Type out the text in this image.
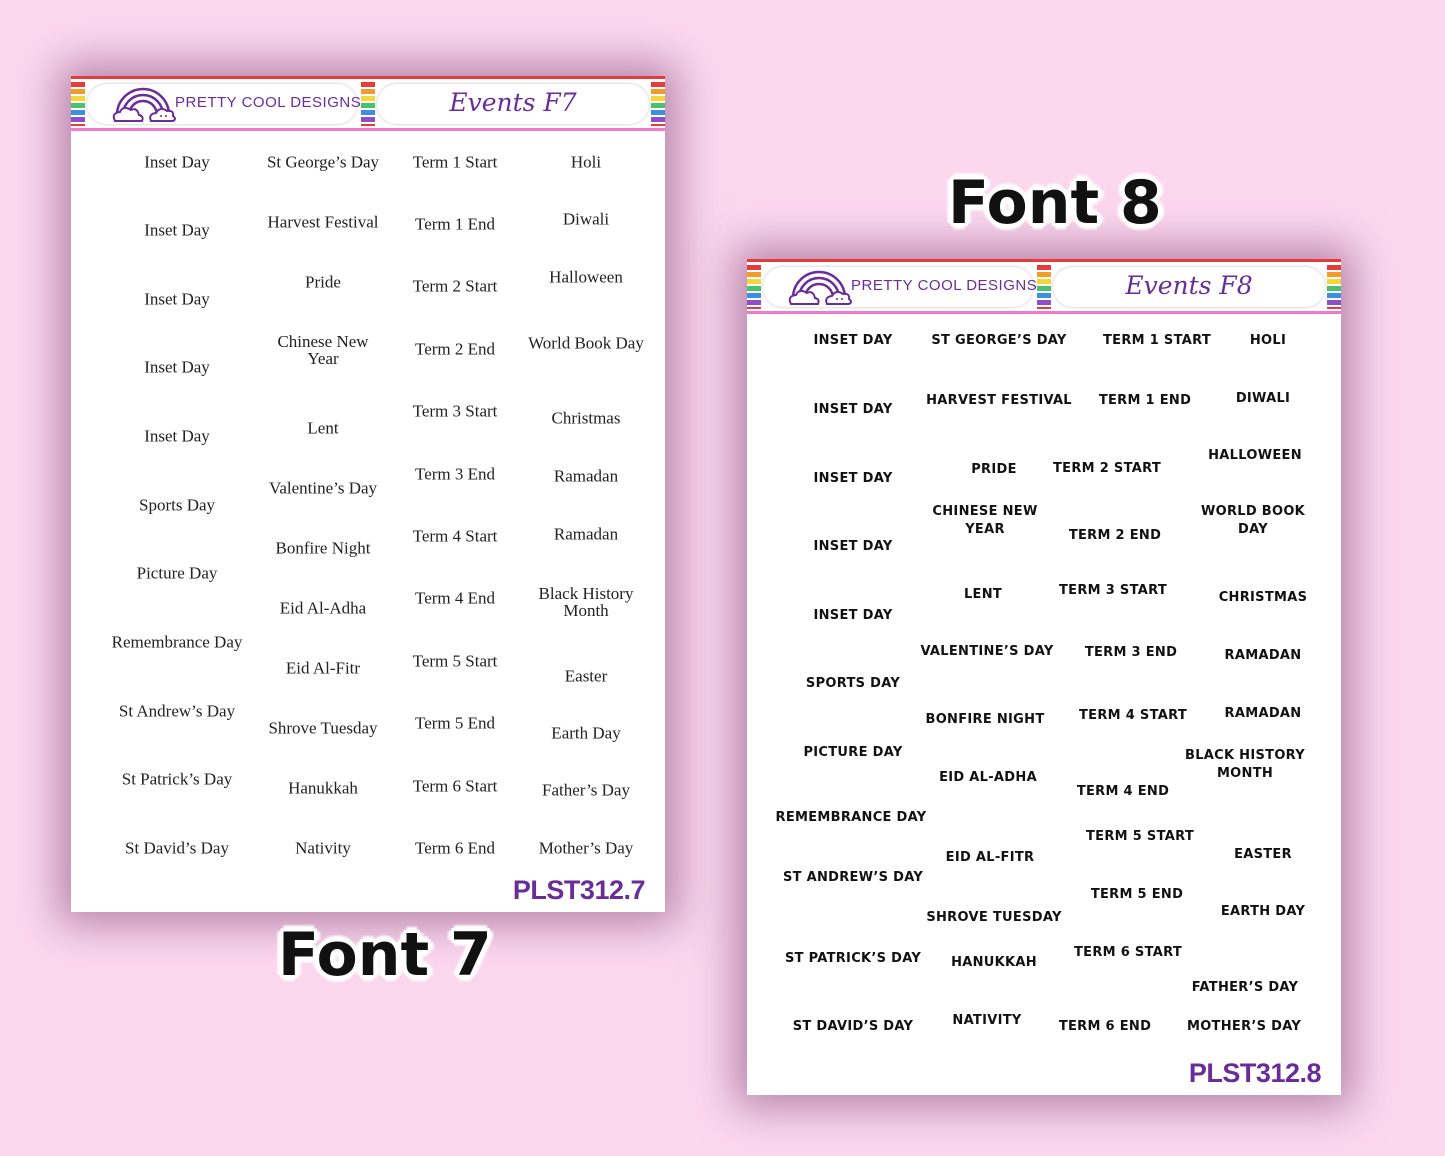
PRETTY COOL DESIGNS	Events F7
Inset Day
Inset Day
Inset Day
Inset Day
Inset Day
Sports Day
Picture Day
Remembrance Day
St Andrew’s Day
St Patrick’s Day
St David’s Day
St George’s Day
Harvest Festival
Pride
Chinese New Year
Lent
Valentine’s Day
Bonfire Night
Eid Al-Adha
Eid Al-Fitr
Shrove Tuesday
Hanukkah
Nativity
Term 1 Start
Term 1 End
Term 2 Start
Term 2 End
Term 3 Start
Term 3 End
Term 4 Start
Term 4 End
Term 5 Start
Term 5 End
Term 6 Start
Term 6 End
Holi
Diwali
Halloween
World Book Day
Christmas
Ramadan
Ramadan
Black History Month
Easter
Earth Day
Father’s Day
Mother’s Day
PLST312.7
PRETTY COOL DESIGNS	Events F8
INSET DAY
INSET DAY
INSET DAY
INSET DAY
INSET DAY
SPORTS DAY
PICTURE DAY
REMEMBRANCE DAY
ST ANDREW’S DAY
ST PATRICK’S DAY
ST DAVID’S DAY
ST GEORGE’S DAY
HARVEST FESTIVAL
PRIDE
CHINESE NEW YEAR
LENT
VALENTINE’S DAY
BONFIRE NIGHT
EID AL-ADHA
EID AL-FITR
SHROVE TUESDAY
HANUKKAH
NATIVITY
TERM 1 START
TERM 1 END
TERM 2 START
TERM 2 END
TERM 3 START
TERM 3 END
TERM 4 START
TERM 4 END
TERM 5 START
TERM 5 END
TERM 6 START
TERM 6 END
HOLI
DIWALI
HALLOWEEN
WORLD BOOK DAY
CHRISTMAS
RAMADAN
RAMADAN
BLACK HISTORY MONTH
EASTER
EARTH DAY
FATHER’S DAY
MOTHER’S DAY
PLST312.8
Font 7
Font 8
